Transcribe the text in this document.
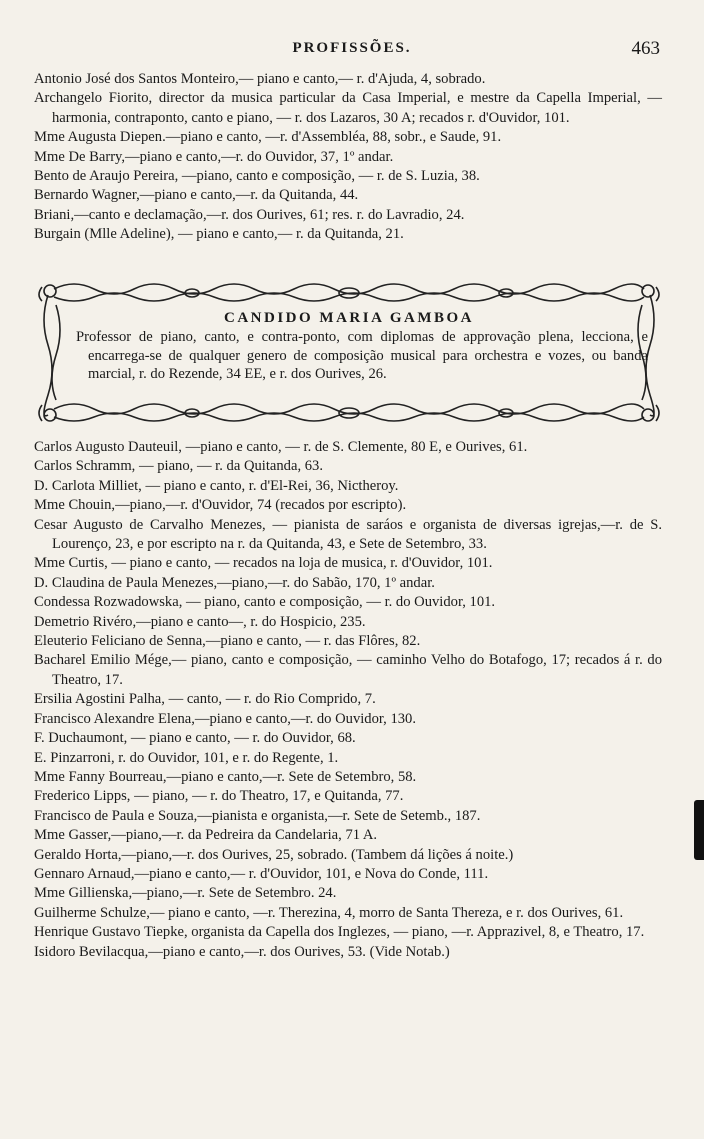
PROFISSÕES.	463

Antonio José dos Santos Monteiro,— piano e canto,— r. d'Ajuda, 4, sobrado.

Archangelo Fiorito, director da musica particular da Casa Imperial, e mestre da Capella Imperial, — harmonia, contraponto, canto e piano, — r. dos Lazaros, 30 A; recados r. d'Ouvidor, 101.

Mme Augusta Diepen.—piano e canto, —r. d'Assembléa, 88, sobr., e Saude, 91.

Mme De Barry,—piano e canto,—r. do Ouvidor, 37, 1º andar.

Bento de Araujo Pereira, —piano, canto e composição, — r. de S. Luzia, 38.

Bernardo Wagner,—piano e canto,—r. da Quitanda, 44.

Briani,—canto e declamação,—r. dos Ourives, 61; res. r. do Lavradio, 24.

Burgain (Mlle Adeline), — piano e canto,— r. da Quitanda, 21.

CANDIDO MARIA GAMBOA

Professor de piano, canto, e contra-ponto, com diplomas de approvação plena, lecciona, e encarrega-se de qualquer genero de composição musical para orchestra e vozes, ou banda marcial, r. do Rezende, 34 EE, e r. dos Ourives, 26.

Carlos Augusto Dauteuil, —piano e canto, — r. de S. Clemente, 80 E, e Ourives, 61.

Carlos Schramm, — piano, — r. da Quitanda, 63.

D. Carlota Milliet, — piano e canto, r. d'El-Rei, 36, Nictheroy.

Mme Chouin,—piano,—r. d'Ouvidor, 74 (recados por escripto).

Cesar Augusto de Carvalho Menezes, — pianista de saráos e organista de diversas igrejas,—r. de S. Lourenço, 23, e por escripto na r. da Quitanda, 43, e Sete de Setembro, 33.

Mme Curtis, — piano e canto, — recados na loja de musica, r. d'Ouvidor, 101.

D. Claudina de Paula Menezes,—piano,—r. do Sabão, 170, 1º andar.

Condessa Rozwadowska, — piano, canto e composição, — r. do Ouvidor, 101.

Demetrio Rivéro,—piano e canto—, r. do Hospicio, 235.

Eleuterio Feliciano de Senna,—piano e canto, — r. das Flôres, 82.

Bacharel Emilio Mége,— piano, canto e composição, — caminho Velho do Botafogo, 17; recados á r. do Theatro, 17.

Ersilia Agostini Palha, — canto, — r. do Rio Comprido, 7.

Francisco Alexandre Elena,—piano e canto,—r. do Ouvidor, 130.

F. Duchaumont, — piano e canto, — r. do Ouvidor, 68.

E. Pinzarroni, r. do Ouvidor, 101, e r. do Regente, 1.

Mme Fanny Bourreau,—piano e canto,—r. Sete de Setembro, 58.

Frederico Lipps, — piano, — r. do Theatro, 17, e Quitanda, 77.

Francisco de Paula e Souza,—pianista e organista,—r. Sete de Setemb., 187.

Mme Gasser,—piano,—r. da Pedreira da Candelaria, 71 A.

Geraldo Horta,—piano,—r. dos Ourives, 25, sobrado. (Tambem dá lições á noite.)

Gennaro Arnaud,—piano e canto,— r. d'Ouvidor, 101, e Nova do Conde, 111.

Mme Gillienska,—piano,—r. Sete de Setembro. 24.

Guilherme Schulze,— piano e canto, —r. Therezina, 4, morro de Santa Thereza, e r. dos Ourives, 61.

Henrique Gustavo Tiepke, organista da Capella dos Inglezes, — piano, —r. Apprazivel, 8, e Theatro, 17.

Isidoro Bevilacqua,—piano e canto,—r. dos Ourives, 53. (Vide Notab.)
